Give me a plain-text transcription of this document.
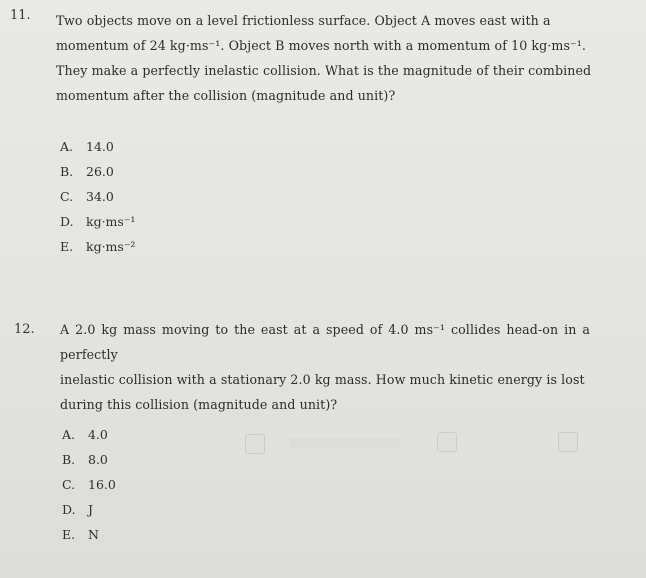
11. Two objects move on a level frictionless surface. Object A moves east with a
momentum of 24 kg·ms⁻¹. Object B moves north with a momentum of 10 kg·ms⁻¹.
They make a perfectly inelastic collision. What is the magnitude of their combined
momentum after the collision (magnitude and unit)?
A. 14.0
B. 26.0
C. 34.0
D. kg·ms⁻¹
E. kg·ms⁻²
12. A 2.0 kg mass moving to the east at a speed of 4.0 ms⁻¹ collides head-on in a perfectly
inelastic collision with a stationary 2.0 kg mass. How much kinetic energy is lost
during this collision (magnitude and unit)?
A. 4.0
B. 8.0
C. 16.0
D. J
E. N
